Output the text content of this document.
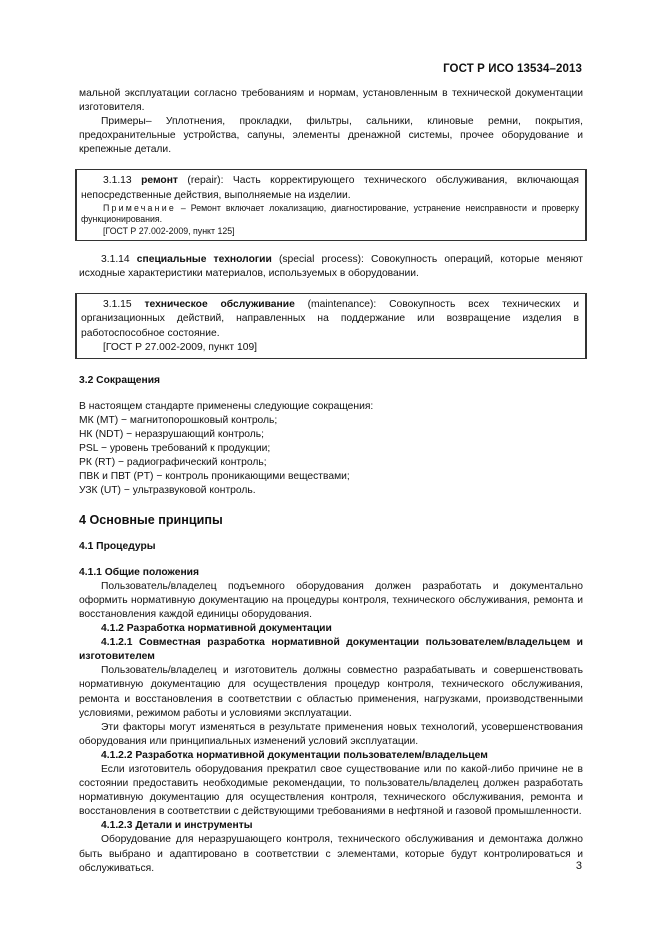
ГОСТ Р ИСО 13534–2013

мальной эксплуатации согласно требованиям и нормам, установленным в технической документации изготовителя.

Примеры– Уплотнения, прокладки, фильтры, сальники, клиновые ремни, покрытия, предохранительные устройства, сапуны, элементы дренажной системы, прочее оборудование и крепежные детали.

3.1.13 ремонт (repair): Часть корректирующего технического обслуживания, включающая непосредственные действия, выполняемые на изделии.

Примечание – Ремонт включает локализацию, диагностирование, устранение неисправности и проверку функционирования.

[ГОСТ Р 27.002-2009, пункт 125]

3.1.14 специальные технологии (special process): Совокупность операций, которые меняют исходные характеристики материалов, используемых в оборудовании.

3.1.15 техническое обслуживание (maintenance): Совокупность всех технических и организационных действий, направленных на поддержание или возвращение изделия в работоспособное состояние.

[ГОСТ Р 27.002-2009, пункт 109]

3.2 Сокращения

В настоящем стандарте применены следующие сокращения:

МК (MT) − магнитопорошковый контроль;

НК (NDT) − неразрушающий контроль;

PSL − уровень требований к продукции;

РК (RT) − радиографический контроль;

ПВК и ПВТ (PT) − контроль проникающими веществами;

УЗК (UT) − ультразвуковой контроль.

4 Основные принципы

4.1 Процедуры

4.1.1 Общие положения

Пользователь/владелец подъемного оборудования должен разработать и документально оформить нормативную документацию на процедуры контроля, технического обслуживания, ремонта и восстановления каждой единицы оборудования.

4.1.2 Разработка нормативной документации

4.1.2.1 Совместная разработка нормативной документации пользователем/владельцем и изготовителем

Пользователь/владелец и изготовитель должны совместно разрабатывать и совершенствовать нормативную документацию для осуществления процедур контроля, технического обслуживания, ремонта и восстановления в соответствии с областью применения, нагрузками, производственными условиями, режимом работы и условиями эксплуатации.

Эти факторы могут изменяться в результате применения новых технологий, усовершенствования оборудования или принципиальных изменений условий эксплуатации.

4.1.2.2 Разработка нормативной документации пользователем/владельцем

Если изготовитель оборудования прекратил свое существование или по какой-либо причине не в состоянии предоставить необходимые рекомендации, то пользователь/владелец должен разработать нормативную документацию для осуществления контроля, технического обслуживания, ремонта и восстановления в соответствии с действующими требованиями в нефтяной и газовой промышленности.

4.1.2.3 Детали и инструменты

Оборудование для неразрушающего контроля, технического обслуживания и демонтажа должно быть выбрано и адаптировано в соответствии с элементами, которые будут контролироваться и обслуживаться.	3
